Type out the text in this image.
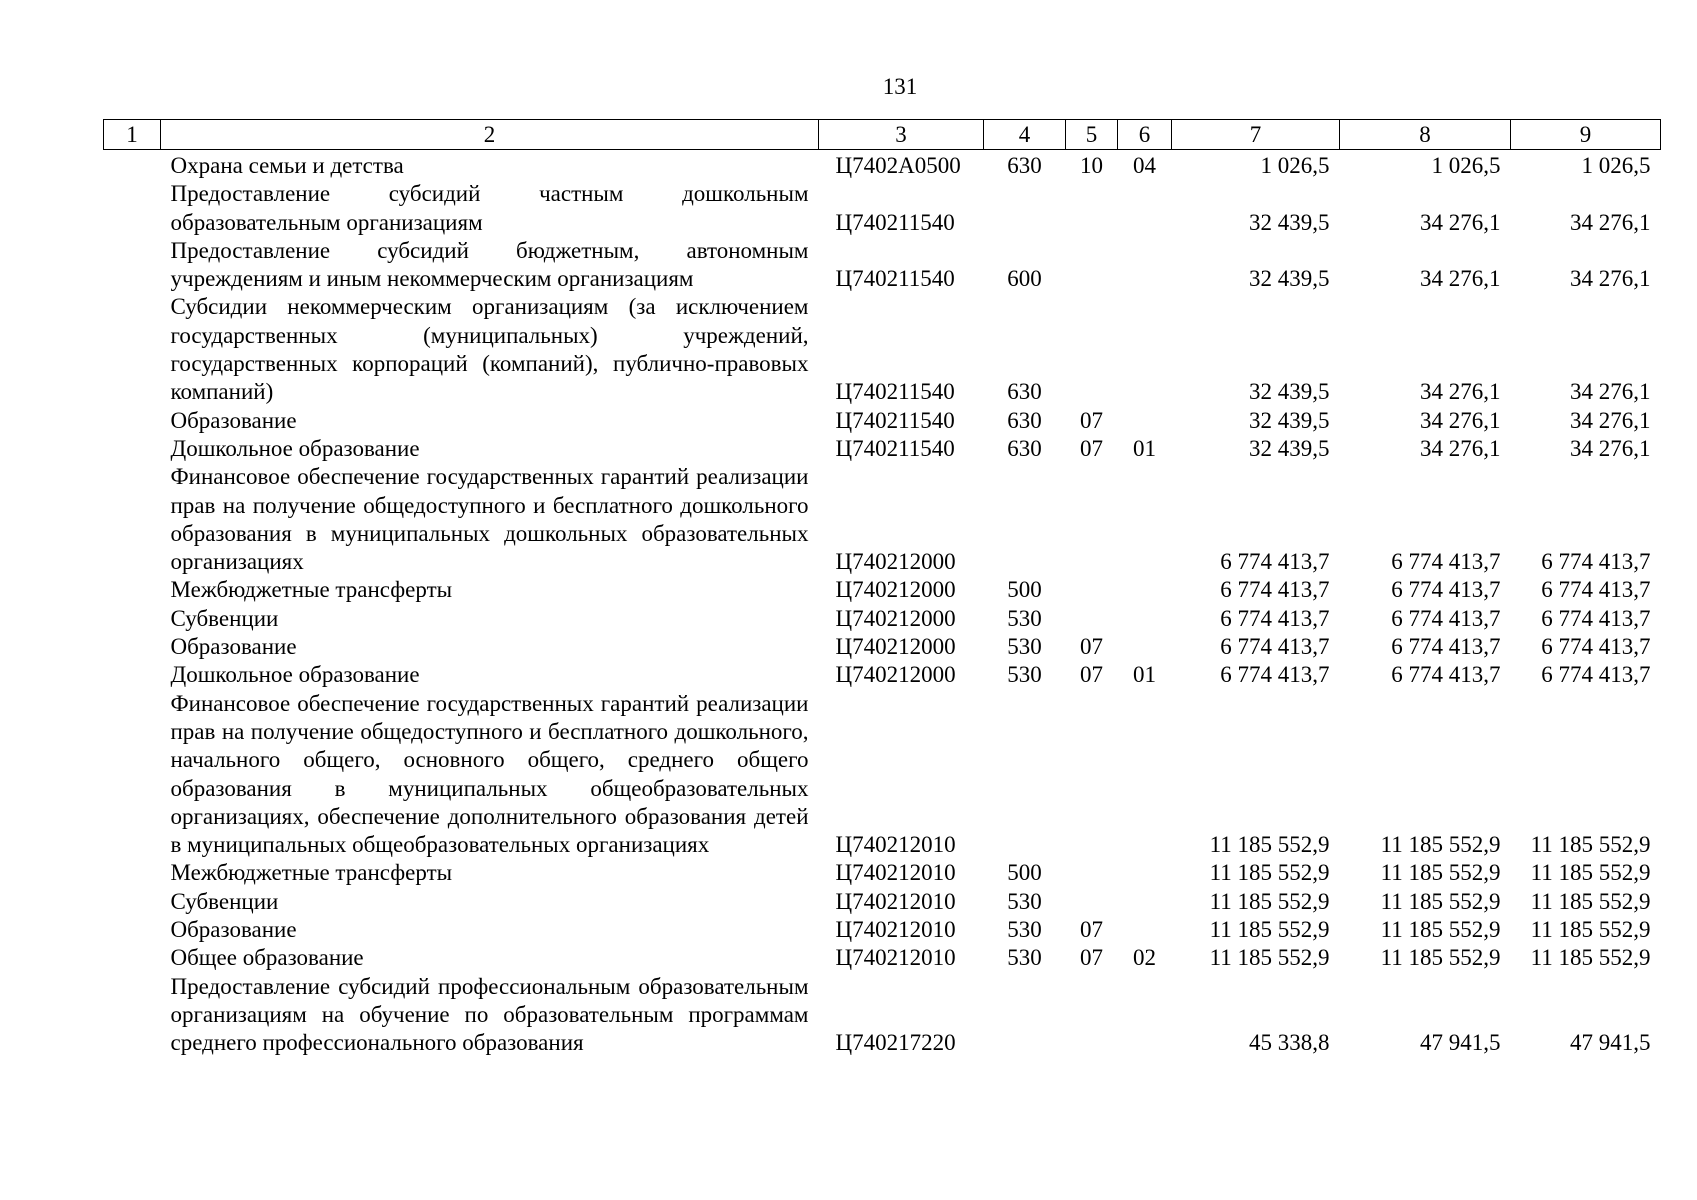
131
1	2	3	4	5	6	7	8	9

	Охрана семьи и детства	Ц7402А0500	630	10	04	1 026,5	1 026,5	1 026,5

	Предоставление субсидий частным дошкольным образовательным организациям	Ц740211540				32 439,5	34 276,1	34 276,1

	Предоставление субсидий бюджетным, автономным учреждениям и иным некоммерческим организациям	Ц740211540	600			32 439,5	34 276,1	34 276,1

	Субсидии некоммерческим организациям (за исключением государственных (муниципальных) учреждений, государственных корпораций (компаний), публично-правовых компаний)	Ц740211540	630			32 439,5	34 276,1	34 276,1

	Образование	Ц740211540	630	07		32 439,5	34 276,1	34 276,1

	Дошкольное образование	Ц740211540	630	07	01	32 439,5	34 276,1	34 276,1

	Финансовое обеспечение государственных гарантий реализации прав на получение общедоступного и бесплатного дошкольного образования в муниципальных дошкольных образовательных организациях	Ц740212000				6 774 413,7	6 774 413,7	6 774 413,7

	Межбюджетные трансферты	Ц740212000	500			6 774 413,7	6 774 413,7	6 774 413,7

	Субвенции	Ц740212000	530			6 774 413,7	6 774 413,7	6 774 413,7

	Образование	Ц740212000	530	07		6 774 413,7	6 774 413,7	6 774 413,7

	Дошкольное образование	Ц740212000	530	07	01	6 774 413,7	6 774 413,7	6 774 413,7

	Финансовое обеспечение государственных гарантий реализации прав на получение общедоступного и бесплатного дошкольного, начального общего, основного общего, среднего общего образования в муниципальных общеобразовательных организациях, обеспечение дополнительного образования детей в муниципальных общеобразовательных организациях	Ц740212010				11 185 552,9	11 185 552,9	11 185 552,9

	Межбюджетные трансферты	Ц740212010	500			11 185 552,9	11 185 552,9	11 185 552,9

	Субвенции	Ц740212010	530			11 185 552,9	11 185 552,9	11 185 552,9

	Образование	Ц740212010	530	07		11 185 552,9	11 185 552,9	11 185 552,9

	Общее образование	Ц740212010	530	07	02	11 185 552,9	11 185 552,9	11 185 552,9

	Предоставление субсидий профессиональным образовательным организациям на обучение по образовательным программам среднего профессионального образования	Ц740217220				45 338,8	47 941,5	47 941,5
